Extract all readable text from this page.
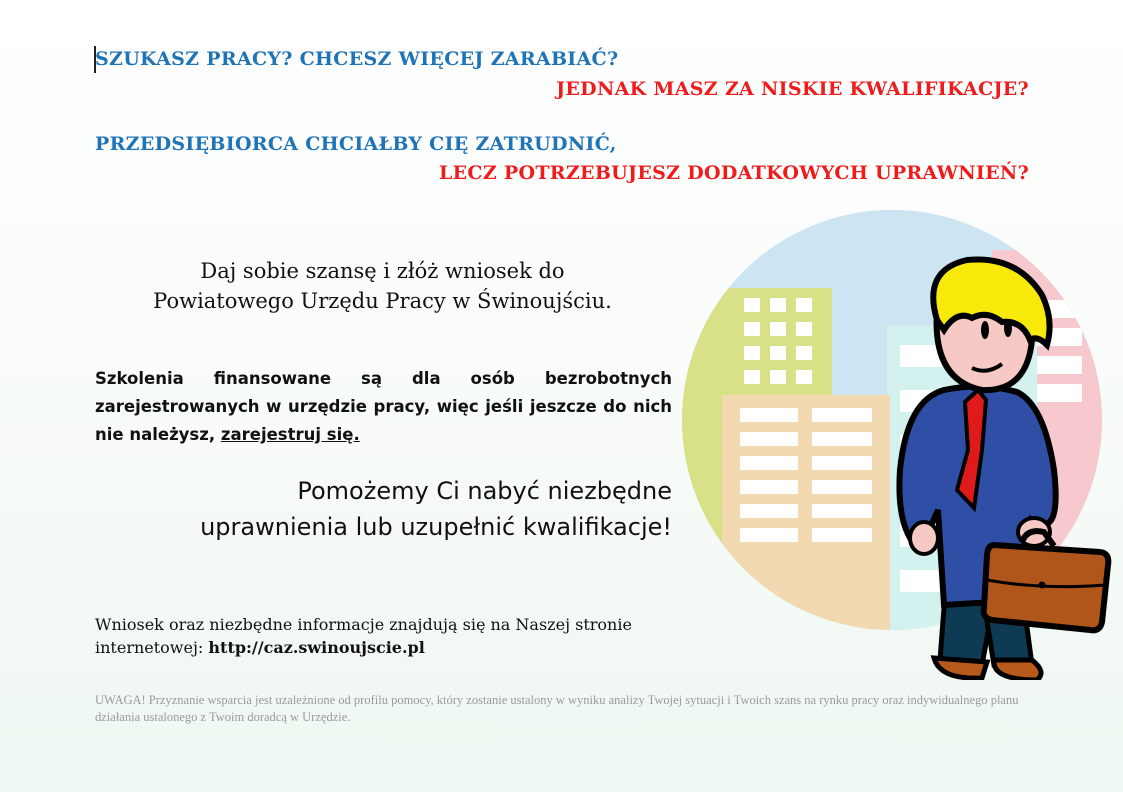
SZUKASZ PRACY? CHCESZ WIĘCEJ ZARABIAĆ?
JEDNAK MASZ ZA NISKIE KWALIFIKACJE?
PRZEDSIĘBIORCA CHCIAŁBY CIĘ ZATRUDNIĆ,
LECZ POTRZEBUJESZ DODATKOWYCH UPRAWNIEŃ?
Daj sobie szansę i złóż wniosek do
Powiatowego Urzędu Pracy w Świnoujściu.
Szkolenia finansowane są dla osób bezrobotnych zarejestrowanych w urzędzie pracy, więc jeśli jeszcze do nich nie należysz, zarejestruj się.
Pomożemy Ci nabyć niezbędne
uprawnienia lub uzupełnić kwalifikacje!
Wniosek oraz niezbędne informacje znajdują się na Naszej stronie internetowej: http://caz.swinoujscie.pl
UWAGA! Przyznanie wsparcia jest uzależnione od profilu pomocy, który zostanie ustalony w wyniku analizy Twojej sytuacji i Twoich szans na rynku pracy oraz indywidualnego planu działania ustalonego z Twoim doradcą w Urzędzie.
